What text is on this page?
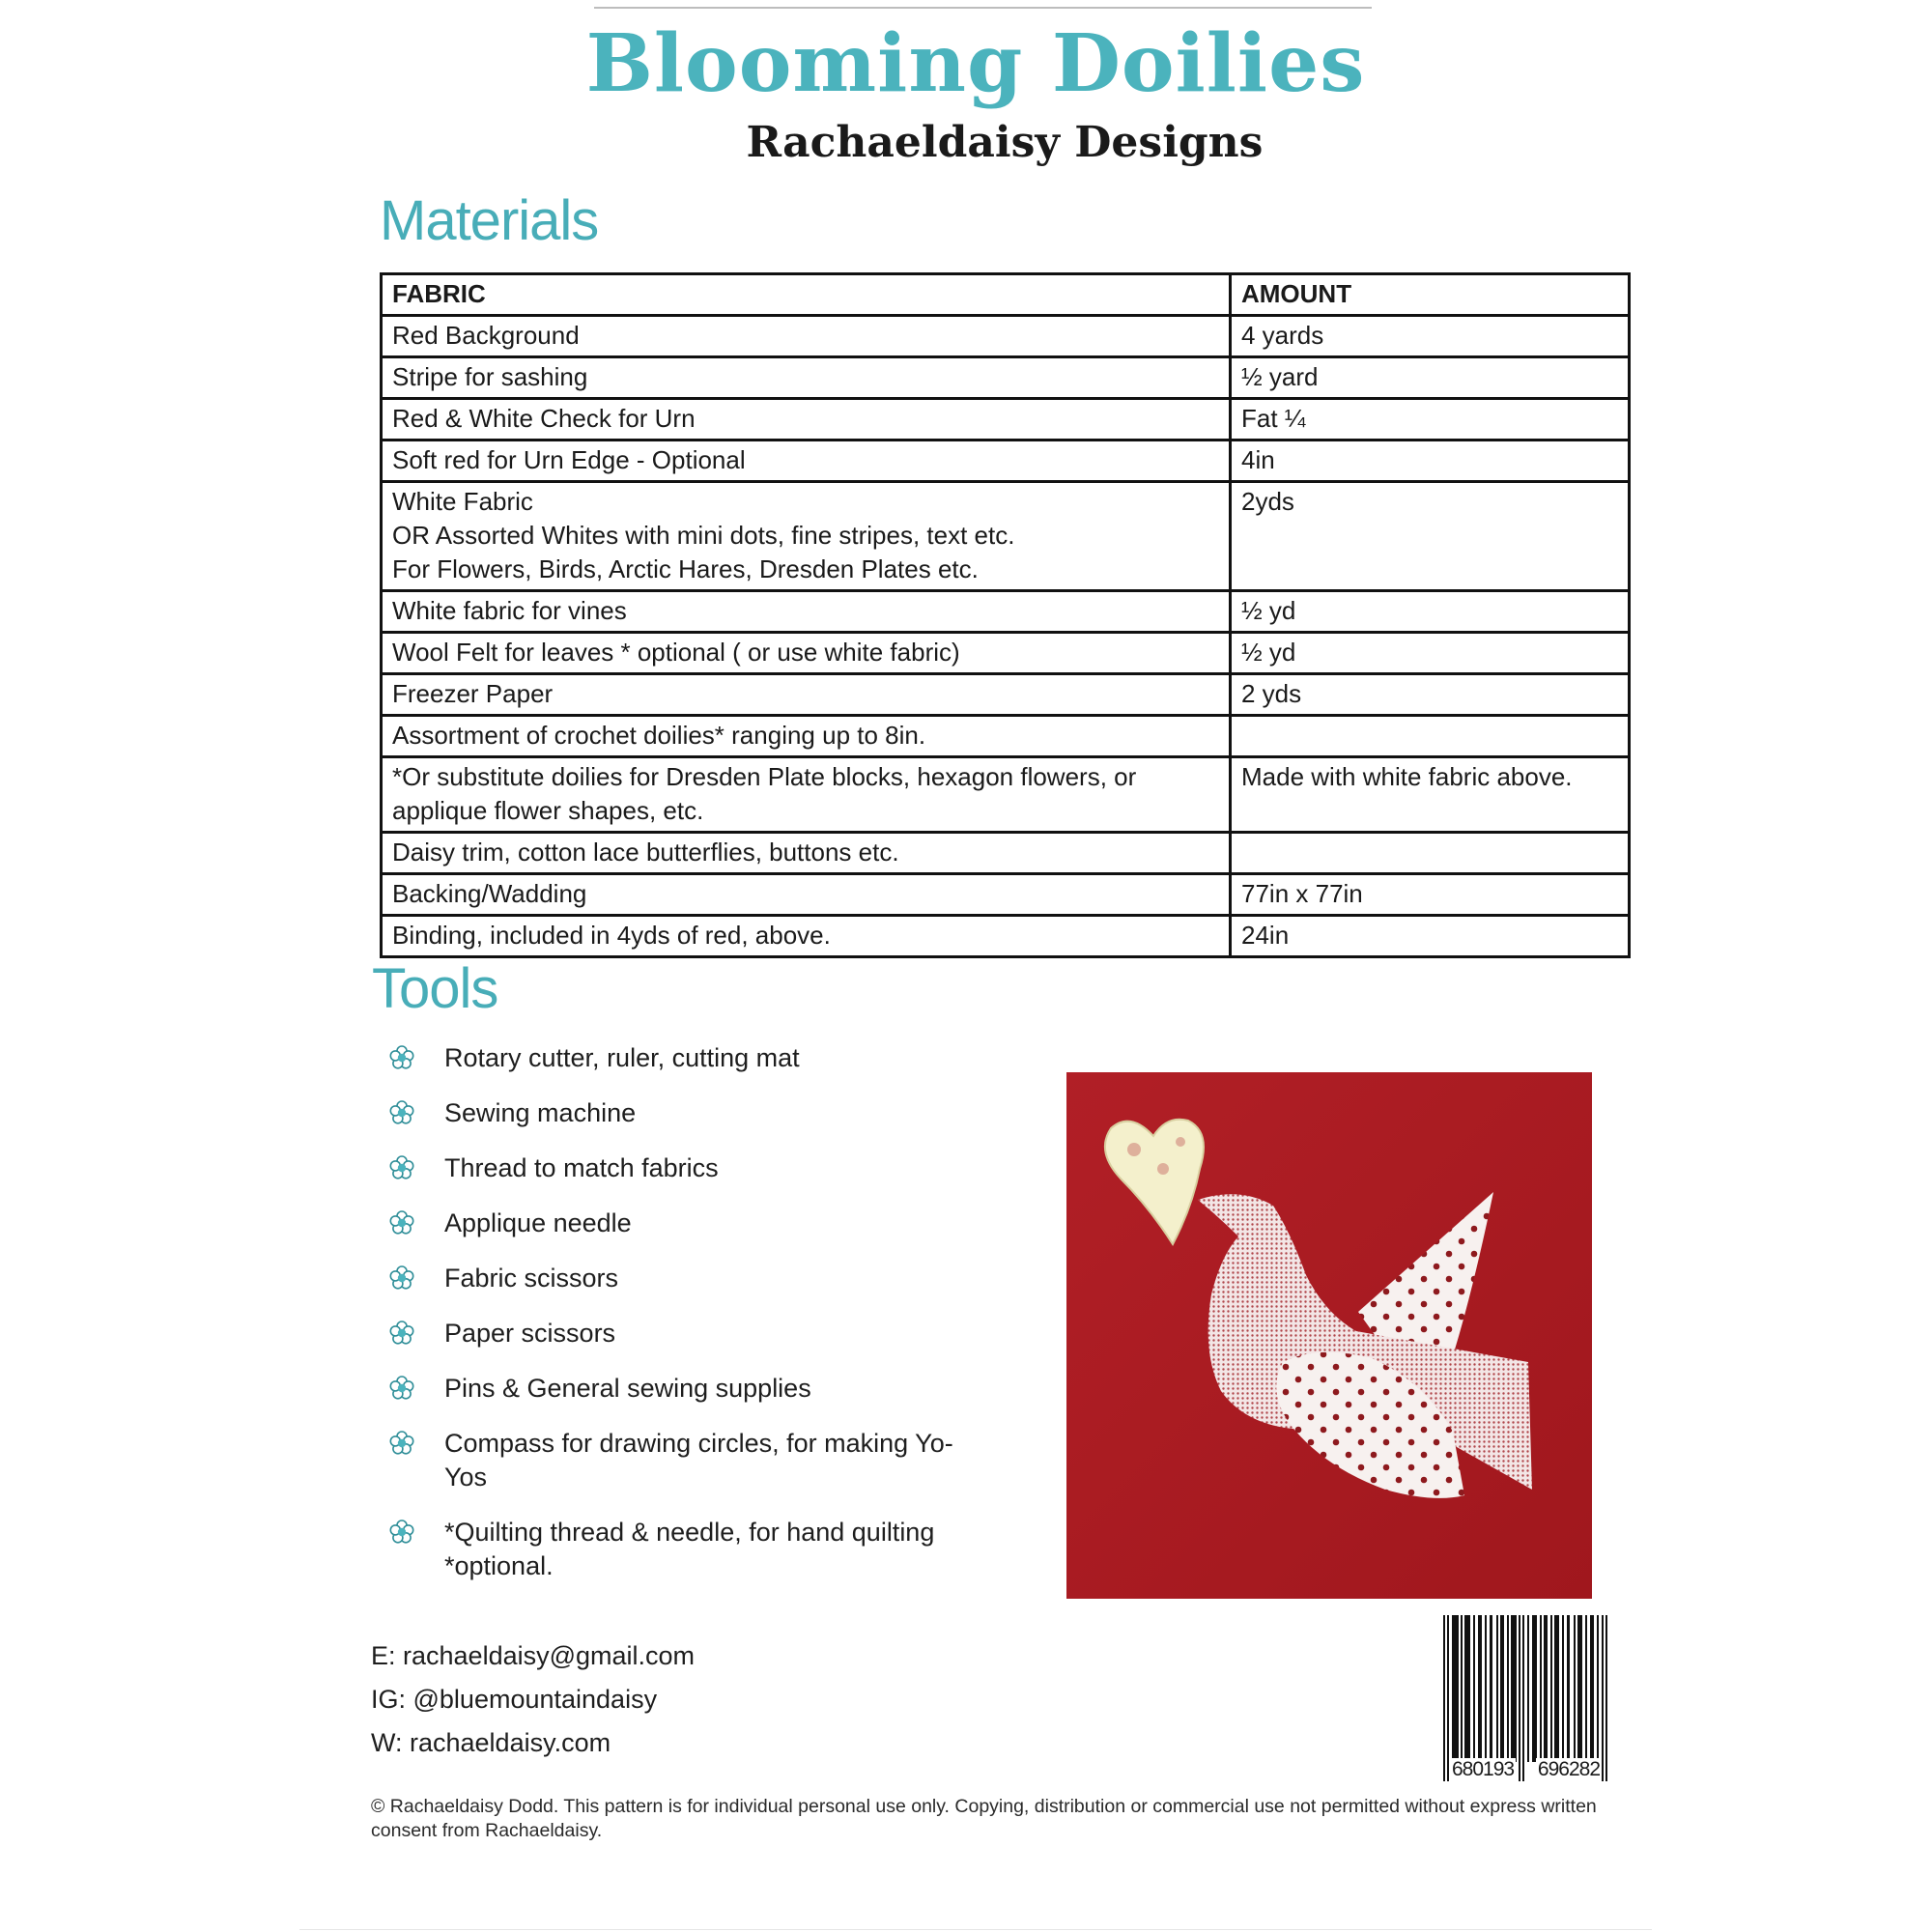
Blooming Doilies
Rachaeldaisy Designs
Materials
FABRIC	AMOUNT

Red Background	4 yards

Stripe for sashing	½ yard

Red & White Check for Urn	Fat ¼

Soft red for Urn Edge - Optional	4in

White Fabric
OR Assorted Whites with mini dots, fine stripes, text etc.
For Flowers, Birds, Arctic Hares, Dresden Plates etc.	2yds

White fabric for vines	½ yd

Wool Felt for leaves * optional ( or use white fabric)	½ yd

Freezer Paper	2 yds

Assortment of crochet doilies* ranging up to 8in.	

*Or substitute doilies for Dresden Plate blocks, hexagon flowers, or
applique flower shapes, etc.	Made with white fabric above.

Daisy trim, cotton lace butterflies, buttons etc.	

Backing/Wadding	77in x 77in

Binding, included in 4yds of red, above.	24in
Tools
Rotary cutter, ruler, cutting mat
Sewing machine
Thread to match fabrics
Applique needle
Fabric scissors
Paper scissors
Pins & General sewing supplies
Compass for drawing circles, for making Yo-Yos
*Quilting thread & needle, for hand quilting *optional.
E: rachaeldaisy@gmail.com
IG: @bluemountaindaisy
W: rachaeldaisy.com
680193 696282
© Rachaeldaisy Dodd. This pattern is for individual personal use only. Copying, distribution or commercial use not permitted without express written consent from Rachaeldaisy.
